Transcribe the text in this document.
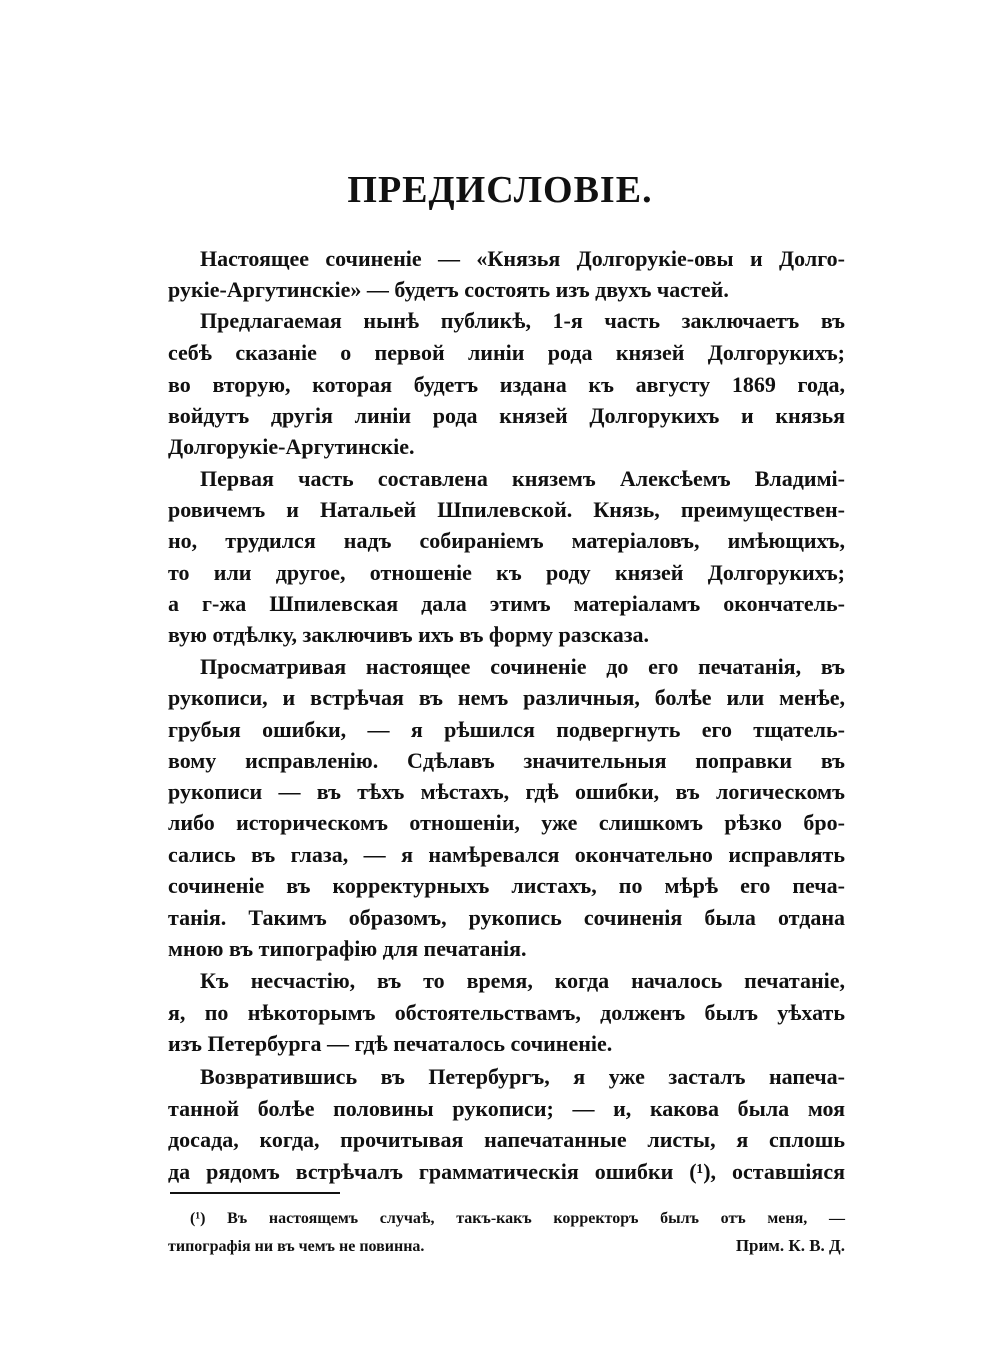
ПРЕДИСЛОВІЕ.
Настоящее сочиненіе — «Князья Долгорукіе-овы и Долго-
рукіе-Аргутинскіе» — будетъ состоять изъ двухъ частей.
Предлагаемая нынѣ публикѣ, 1-я часть заключаетъ въ
себѣ сказаніе о первой линіи рода князей Долгорукихъ;
во вторую, которая будетъ издана къ августу 1869 года,
войдутъ другія линіи рода князей Долгорукихъ и князья
Долгорукіе-Аргутинскіе.
Первая часть составлена княземъ Алексѣемъ Владимі-
ровичемъ и Натальей Шпилевской. Князь, преимуществен-
но, трудился надъ собираніемъ матеріаловъ, имѣющихъ,
то или другое, отношеніе къ роду князей Долгорукихъ;
а г-жа Шпилевская дала этимъ матеріаламъ окончатель-
вую отдѣлку, заключивъ ихъ въ форму разсказа.
Просматривая настоящее сочиненіе до его печатанія, въ
рукописи, и встрѣчая въ немъ различныя, болѣе или менѣе,
грубыя ошибки, — я рѣшился подвергнуть его тщатель-
вому исправленію. Сдѣлавъ значительныя поправки въ
рукописи — въ тѣхъ мѣстахъ, гдѣ ошибки, въ логическомъ
либо историческомъ отношеніи, уже слишкомъ рѣзко бро-
сались въ глаза, — я намѣревался окончательно исправлять
сочиненіе въ корректурныхъ листахъ, по мѣрѣ его печа-
танія. Такимъ образомъ, рукопись сочиненія была отдана
мною въ типографію для печатанія.
Къ несчастію, въ то время, когда началось печатаніе,
я, по нѣкоторымъ обстоятельствамъ, долженъ былъ уѣхать
изъ Петербурга — гдѣ печаталось сочиненіе.
Возвратившись въ Петербургъ, я уже засталъ напеча-
танной болѣе половины рукописи; — и, какова была моя
досада, когда, прочитывая напечатанные листы, я сплошь
да рядомъ встрѣчалъ грамматическія ошибки (¹), оставшіяся
(¹) Въ настоящемъ случаѣ, такъ-какъ корректоръ былъ отъ меня, —
типографія ни въ чемъ не повинна.	Прим. К. В. Д.
